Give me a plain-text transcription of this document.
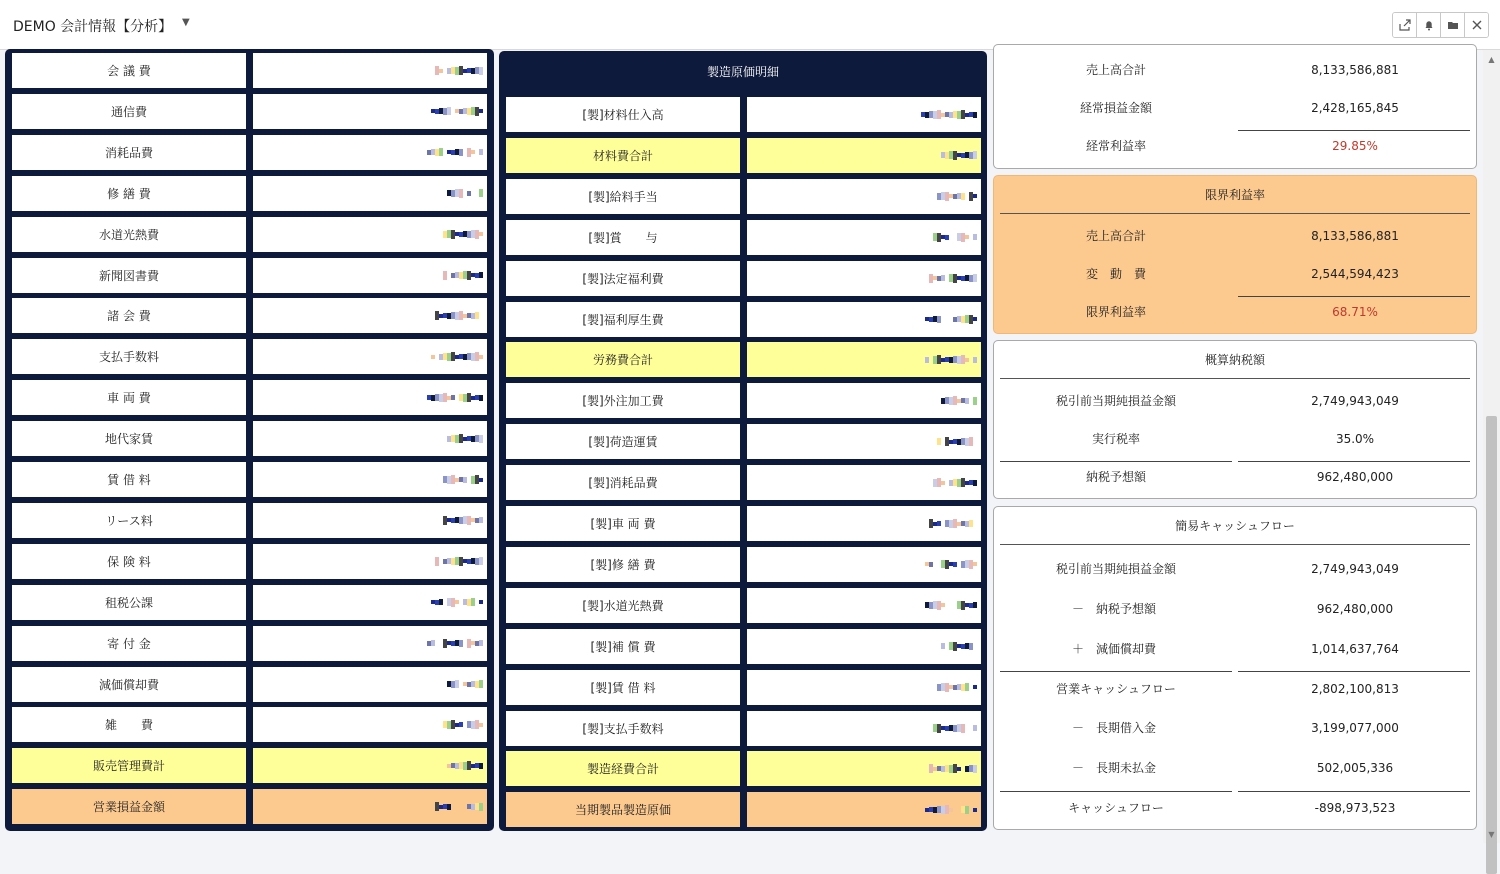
DEMO 会計情報【分析】 ▼
会 議 費
通信費
消耗品費
修 繕 費
水道光熱費
新聞図書費
諸 会 費
支払手数料
車 両 費
地代家賃
賃 借 料
リース料
保 険 料
租税公課
寄 付 金
減価償却費
雑　　費
販売管理費計
営業損益金額
製造原価明細
[製]材料仕入高
材料費合計
[製]給料手当
[製]賞　　与
[製]法定福利費
[製]福利厚生費
労務費合計
[製]外注加工費
[製]荷造運賃
[製]消耗品費
[製]車 両 費
[製]修 繕 費
[製]水道光熱費
[製]補 償 費
[製]賃 借 料
[製]支払手数料
製造経費合計
当期製品製造原価
売上高合計	8,133,586,881
経常損益金額	2,428,165,845
経常利益率	29.85%
限界利益率
売上高合計	8,133,586,881
変　動　費	2,544,594,423
限界利益率	68.71%
概算納税額
税引前当期純損益金額	2,749,943,049
実行税率	35.0%
納税予想額	962,480,000
簡易キャッシュフロー
税引前当期純損益金額	2,749,943,049
－　納税予想額	962,480,000
＋　減価償却費	1,014,637,764
営業キャッシュフロー	2,802,100,813
－　長期借入金	3,199,077,000
－　長期未払金	502,005,336
キャッシュフロー	-898,973,523
▲
▼
